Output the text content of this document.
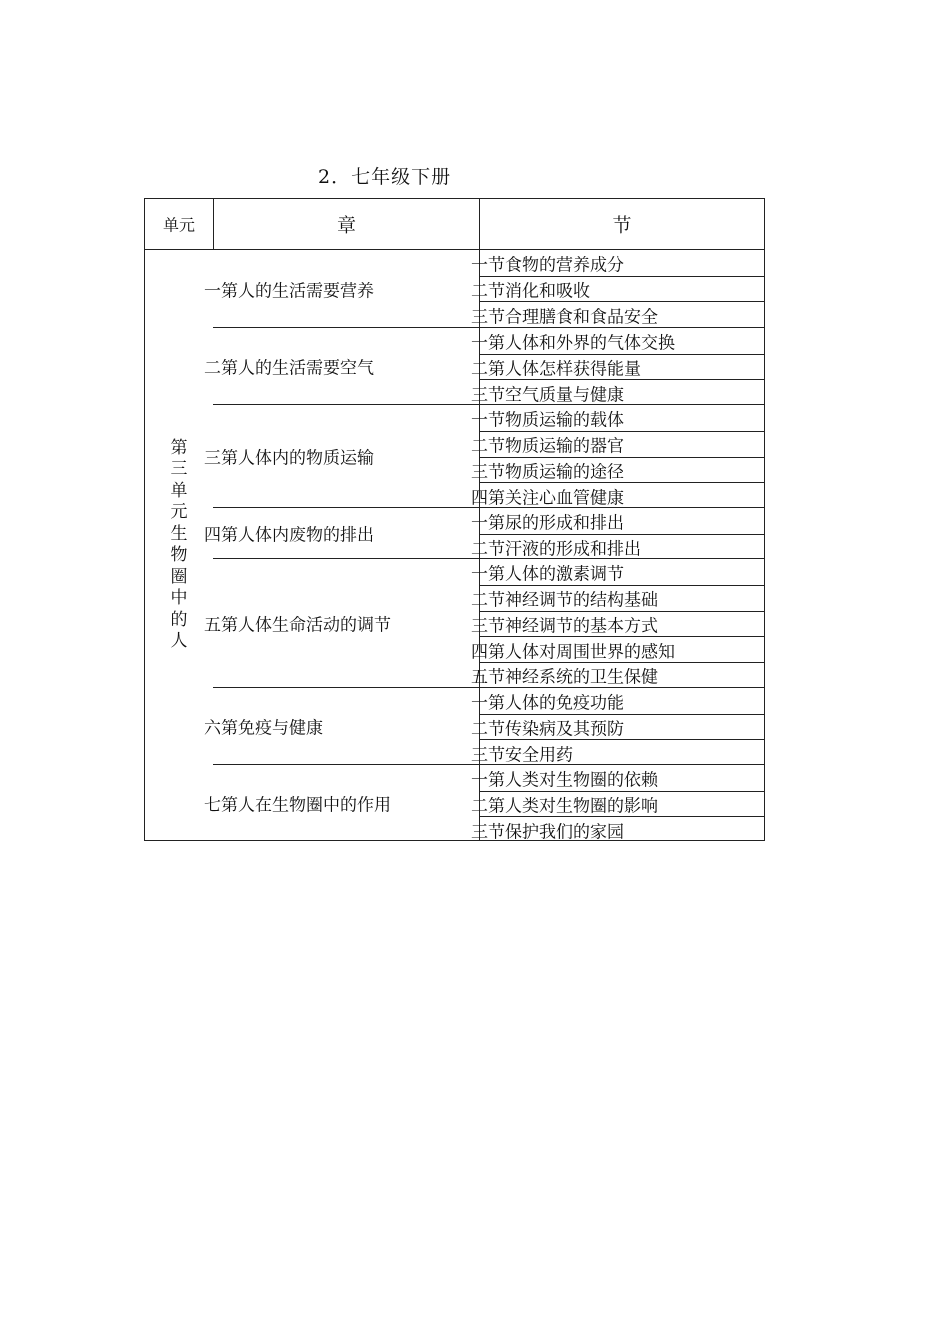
2．七年级下册
单元	章	节
第三单元 生物圈中的人
一第人的生活需要营养
一节食物的营养成分
二节消化和吸收
三节合理膳食和食品安全
二第人的生活需要空气
一第人体和外界的气体交换
二第人体怎样获得能量
三节空气质量与健康
三第人体内的物质运输
一节物质运输的载体
二节物质运输的器官
三节物质运输的途径
四第关注心血管健康
四第人体内废物的排出
一第尿的形成和排出
二节汗液的形成和排出
五第人体生命活动的调节
一第人体的激素调节
二节神经调节的结构基础
三节神经调节的基本方式
四第人体对周围世界的感知
五节神经系统的卫生保健
六第免疫与健康
一第人体的免疫功能
二节传染病及其预防
三节安全用药
七第人在生物圈中的作用
一第人类对生物圈的依赖
二第人类对生物圈的影响
三节保护我们的家园
